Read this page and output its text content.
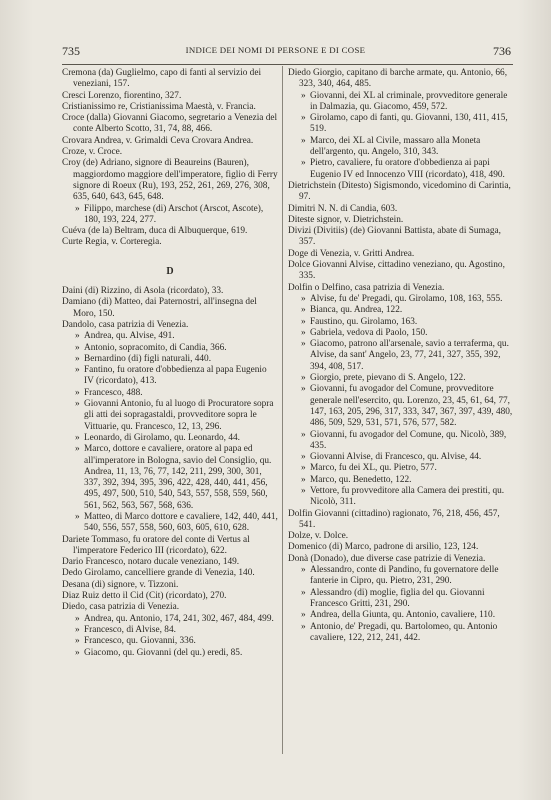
735	INDICE DEI NOMI DI PERSONE E DI COSE	736

Cremona (da) Guglielmo, capo di fanti al servizio dei veneziani, 157.

Cresci Lorenzo, fiorentino, 327.

Cristianissimo re, Cristianissima Maestà, v. Francia.

Croce (dalla) Giovanni Giacomo, segretario a Venezia del conte Alberto Scotto, 31, 74, 88, 466.

Crovara Andrea, v. Grimaldi Ceva Crovara Andrea.

Croze, v. Croce.

Croy (de) Adriano, signore di Beaureins (Bauren), maggiordomo maggiore dell'imperatore, figlio di Ferry signore di Roeux (Ru), 193, 252, 261, 269, 276, 308, 635, 640, 643, 645, 648.

» Filippo, marchese (di) Arschot (Arscot, Ascote), 180, 193, 224, 277.

Cuéva (de la) Beltram, duca di Albuquerque, 619.

Curte Regia, v. Corteregia.

D

Daini (di) Rizzino, di Asola (ricordato), 33.

Damiano (di) Matteo, dai Paternostri, all'insegna del Moro, 150.

Dandolo, casa patrizia di Venezia.

» Andrea, qu. Alvise, 491.

» Antonio, sopracomito, di Candia, 366.

» Bernardino (di) figli naturali, 440.

» Fantino, fu oratore d'obbedienza al papa Eugenio IV (ricordato), 413.

» Francesco, 488.

» Giovanni Antonio, fu al luogo di Procuratore sopra gli atti dei sopragastaldi, provveditore sopra le Vittuarie, qu. Francesco, 12, 13, 296.

» Leonardo, di Girolamo, qu. Leonardo, 44.

» Marco, dottore e cavaliere, oratore al papa ed all'imperatore in Bologna, savio del Consiglio, qu. Andrea, 11, 13, 76, 77, 142, 211, 299, 300, 301, 337, 392, 394, 395, 396, 422, 428, 440, 441, 456, 495, 497, 500, 510, 540, 543, 557, 558, 559, 560, 561, 562, 563, 567, 568, 636.

» Matteo, di Marco dottore e cavaliere, 142, 440, 441, 540, 556, 557, 558, 560, 603, 605, 610, 628.

Dariete Tommaso, fu oratore del conte di Vertus al l'imperatore Federico III (ricordato), 622.

Dario Francesco, notaro ducale veneziano, 149.

Dedo Girolamo, cancelliere grande di Venezia, 140.

Desana (di) signore, v. Tizzoni.

Diaz Ruiz detto il Cid (Cit) (ricordato), 270.

Diedo, casa patrizia di Venezia.

» Andrea, qu. Antonio, 174, 241, 302, 467, 484, 499.

» Francesco, di Alvise, 84.

» Francesco, qu. Giovanni, 336.

» Giacomo, qu. Giovanni (del qu.) eredi, 85.

Diedo Giorgio, capitano di barche armate, qu. Antonio, 66, 323, 340, 464, 485.

» Giovanni, dei XL al criminale, provveditore generale in Dalmazia, qu. Giacomo, 459, 572.

» Girolamo, capo di fanti, qu. Giovanni, 130, 411, 415, 519.

» Marco, dei XL al Civile, massaro alla Moneta dell'argento, qu. Angelo, 310, 343.

» Pietro, cavaliere, fu oratore d'obbedienza ai papi Eugenio IV ed Innocenzo VIII (ricordato), 418, 490.

Dietrichstein (Ditesto) Sigismondo, vicedomino di Carintia, 97.

Dimitri N. N. di Candia, 603.

Diteste signor, v. Dietrichstein.

Divizi (Divitiis) (de) Giovanni Battista, abate di Sumaga, 357.

Doge di Venezia, v. Gritti Andrea.

Dolce Giovanni Alvise, cittadino veneziano, qu. Agostino, 335.

Dolfin o Delfino, casa patrizia di Venezia.

» Alvise, fu de' Pregadi, qu. Girolamo, 108, 163, 555.

» Bianca, qu. Andrea, 122.

» Faustino, qu. Girolamo, 163.

» Gabriela, vedova di Paolo, 150.

» Giacomo, patrono all'arsenale, savio a terraferma, qu. Alvise, da sant' Angelo, 23, 77, 241, 327, 355, 392, 394, 408, 517.

» Giorgio, prete, pievano di S. Angelo, 122.

» Giovanni, fu avogador del Comune, provveditore generale nell'esercito, qu. Lorenzo, 23, 45, 61, 64, 77, 147, 163, 205, 296, 317, 333, 347, 367, 397, 439, 480, 486, 509, 529, 531, 571, 576, 577, 582.

» Giovanni, fu avogador del Comune, qu. Nicolò, 389, 435.

» Giovanni Alvise, di Francesco, qu. Alvise, 44.

» Marco, fu dei XL, qu. Pietro, 577.

» Marco, qu. Benedetto, 122.

» Vettore, fu provveditore alla Camera dei prestiti, qu. Nicolò, 311.

Dolfin Giovanni (cittadino) ragionato, 76, 218, 456, 457, 541.

Dolze, v. Dolce.

Domenico (di) Marco, padrone di arsilio, 123, 124.

Donà (Donado), due diverse case patrizie di Venezia.

» Alessandro, conte di Pandino, fu governatore delle fanterie in Cipro, qu. Pietro, 231, 290.

» Alessandro (di) moglie, figlia del qu. Giovanni Francesco Gritti, 231, 290.

» Andrea, della Giunta, qu. Antonio, cavaliere, 110.

» Antonio, de' Pregadi, qu. Bartolomeo, qu. Antonio cavaliere, 122, 212, 241, 442.
